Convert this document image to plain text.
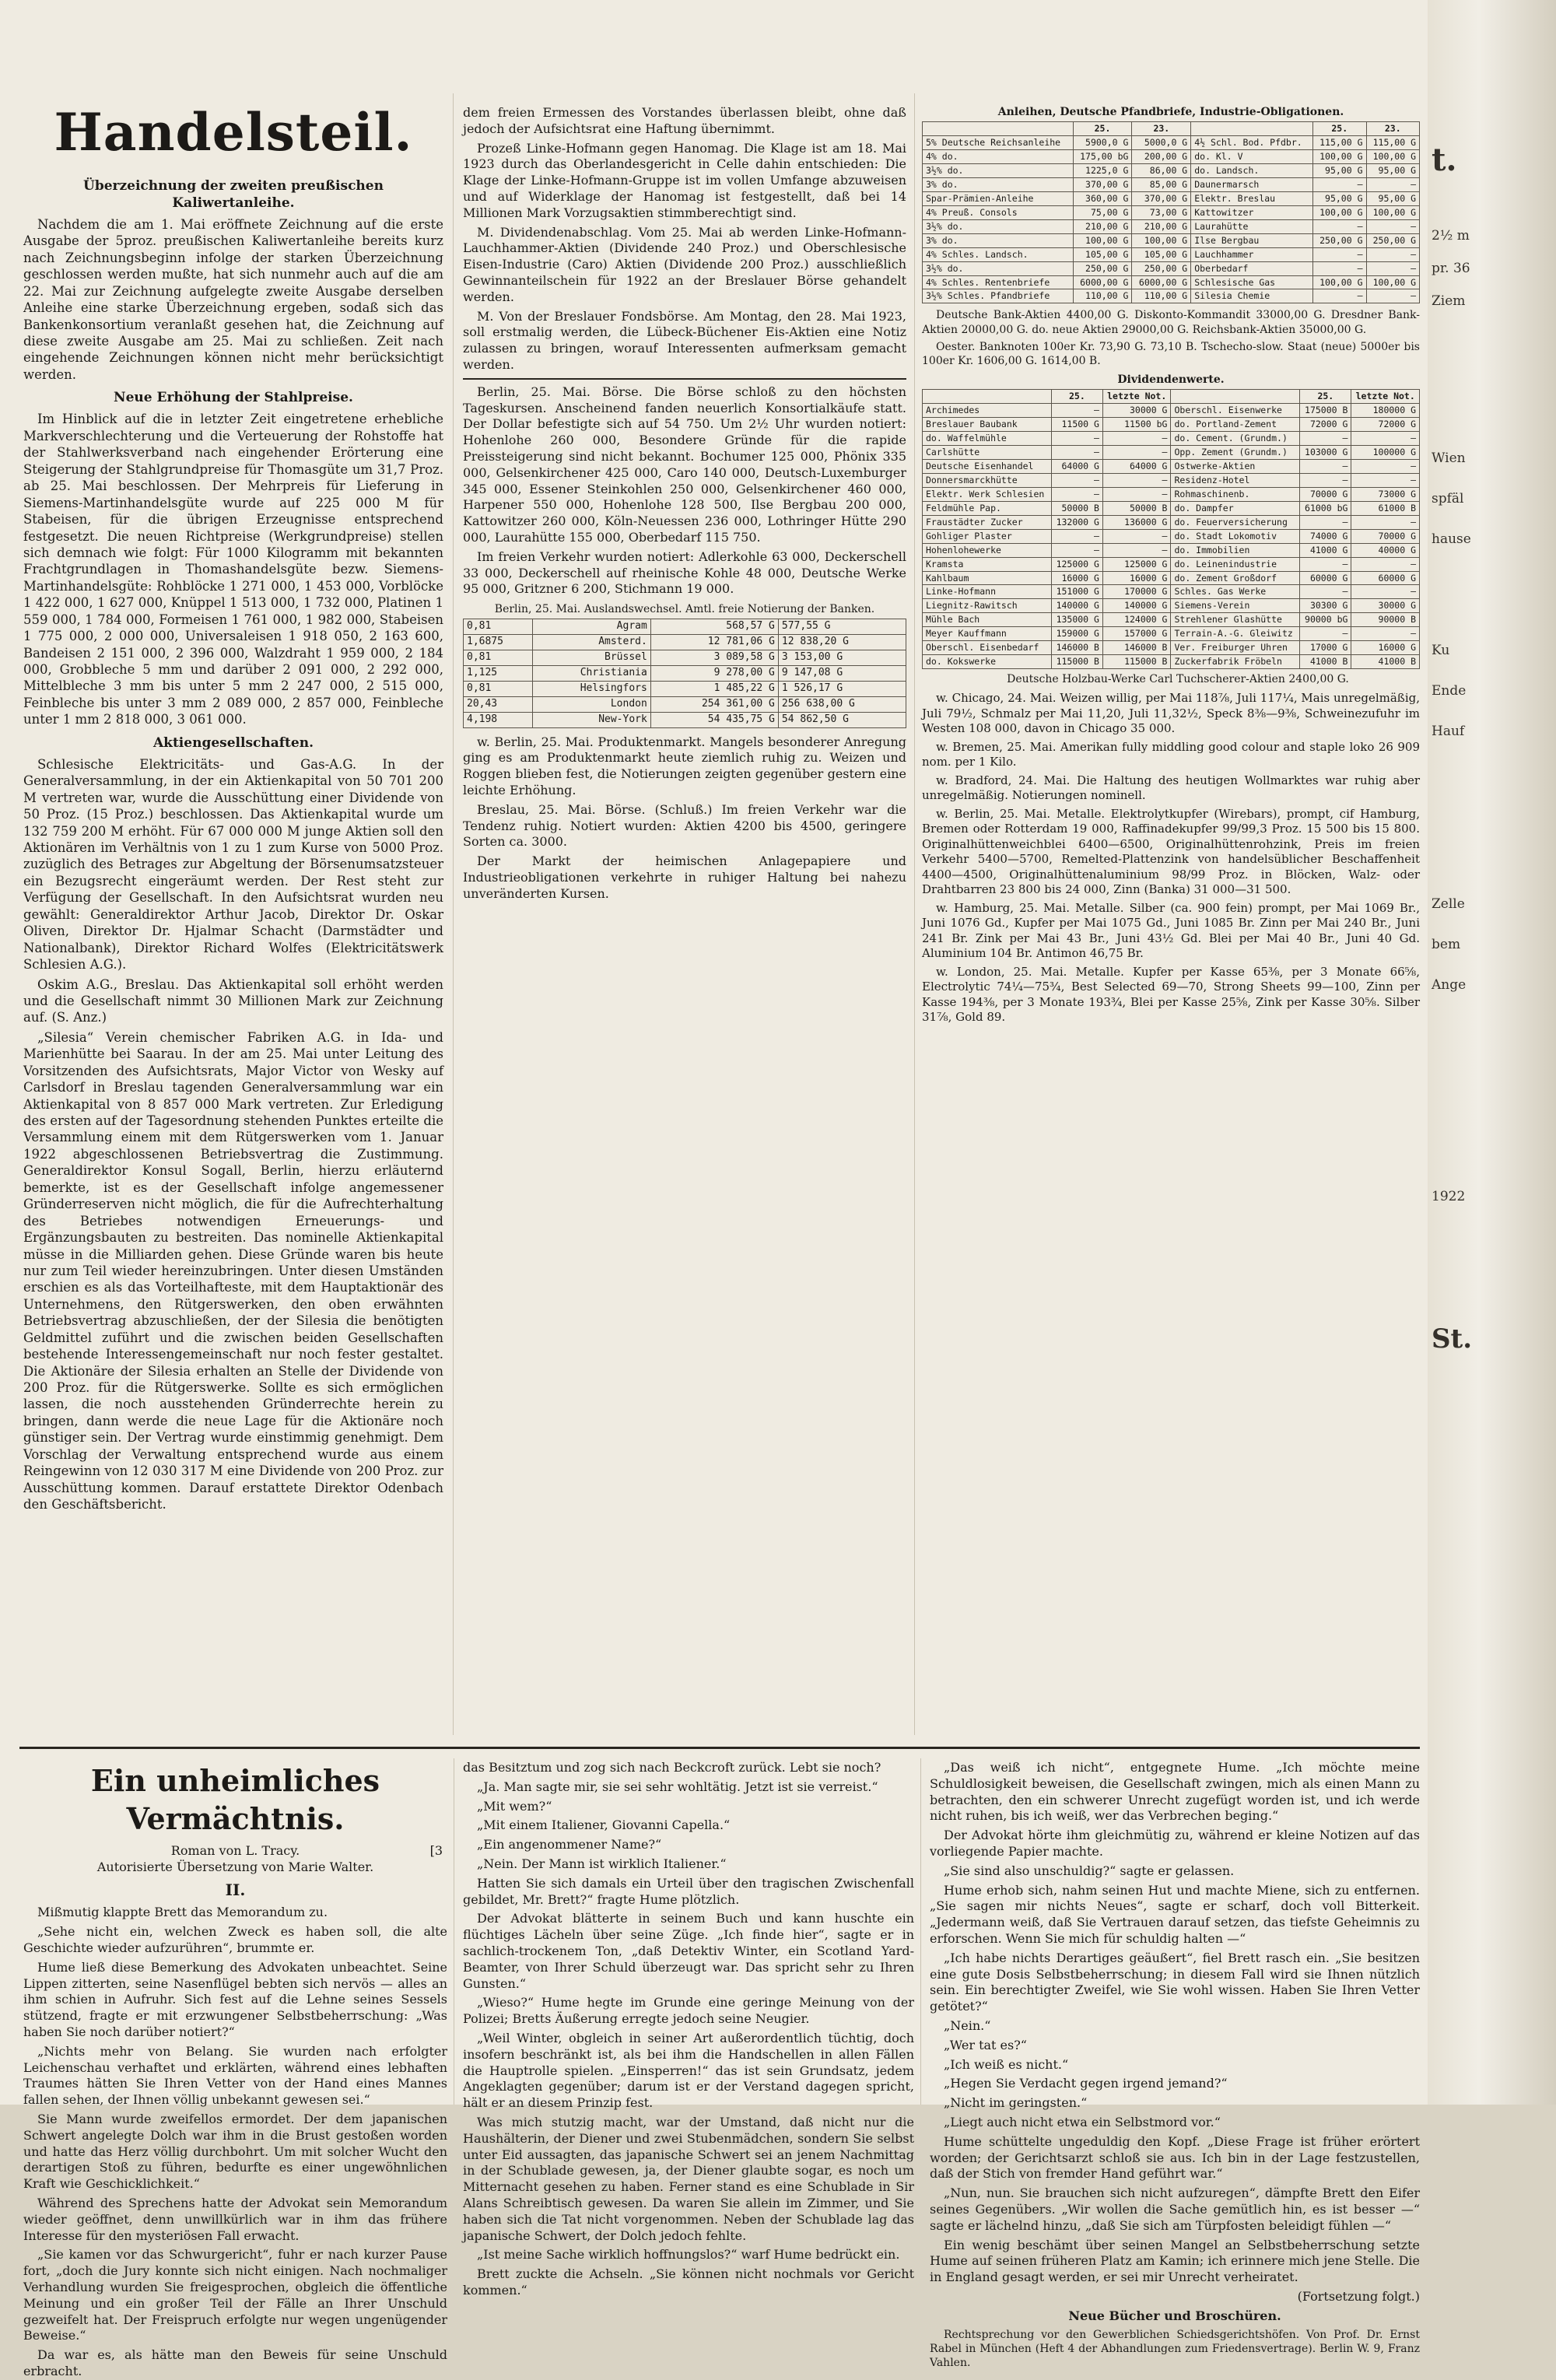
Handelsteil.
Überzeichnung der zweiten preußischen Kaliwertanleihe.

Nachdem die am 1. Mai eröffnete Zeichnung auf die erste Ausgabe der 5proz. preußischen Kaliwertanleihe bereits kurz nach Zeichnungsbeginn infolge der starken Überzeichnung geschlossen werden mußte, hat sich nunmehr auch auf die am 22. Mai zur Zeichnung aufgelegte zweite Ausgabe derselben Anleihe eine starke Überzeichnung ergeben, sodaß sich das Bankenkonsortium veranlaßt gesehen hat, die Zeichnung auf diese zweite Ausgabe am 25. Mai zu schließen. Zeit nach eingehende Zeichnungen können nicht mehr berücksichtigt werden.

Neue Erhöhung der Stahlpreise.

Im Hinblick auf die in letzter Zeit eingetretene erhebliche Markverschlechterung und die Verteuerung der Rohstoffe hat der Stahlwerksverband nach eingehender Erörterung eine Steigerung der Stahlgrundpreise für Thomasgüte um 31,7 Proz. ab 25. Mai beschlossen. Der Mehrpreis für Lieferung in Siemens-Martinhandelsgüte wurde auf 225 000 M für Stabeisen, für die übrigen Erzeugnisse entsprechend festgesetzt. Die neuen Richtpreise (Werkgrundpreise) stellen sich demnach wie folgt: Für 1000 Kilogramm mit bekannten Frachtgrundlagen in Thomashandelsgüte bezw. Siemens-Martinhandelsgüte: Rohblöcke 1 271 000, 1 453 000, Vorblöcke 1 422 000, 1 627 000, Knüppel 1 513 000, 1 732 000, Platinen 1 559 000, 1 784 000, Formeisen 1 761 000, 1 982 000, Stabeisen 1 775 000, 2 000 000, Universaleisen 1 918 050, 2 163 600, Bandeisen 2 151 000, 2 396 000, Walzdraht 1 959 000, 2 184 000, Grobbleche 5 mm und darüber 2 091 000, 2 292 000, Mittelbleche 3 mm bis unter 5 mm 2 247 000, 2 515 000, Feinbleche bis unter 3 mm 2 089 000, 2 857 000, Feinbleche unter 1 mm 2 818 000, 3 061 000.

Aktiengesellschaften.

Schlesische Elektricitäts- und Gas-A.G. In der Generalversammlung, in der ein Aktienkapital von 50 701 200 M vertreten war, wurde die Ausschüttung einer Dividende von 50 Proz. (15 Proz.) beschlossen. Das Aktienkapital wurde um 132 759 200 M erhöht. Für 67 000 000 M junge Aktien soll den Aktionären im Verhältnis von 1 zu 1 zum Kurse von 5000 Proz. zuzüglich des Betrages zur Abgeltung der Börsenumsatzsteuer ein Bezugsrecht eingeräumt werden. Der Rest steht zur Verfügung der Gesellschaft. In den Aufsichtsrat wurden neu gewählt: Generaldirektor Arthur Jacob, Direktor Dr. Oskar Oliven, Direktor Dr. Hjalmar Schacht (Darmstädter und Nationalbank), Direktor Richard Wolfes (Elektricitätswerk Schlesien A.G.).

Oskim A.G., Breslau. Das Aktienkapital soll erhöht werden und die Gesellschaft nimmt 30 Millionen Mark zur Zeichnung auf. (S. Anz.)

„Silesia“ Verein chemischer Fabriken A.G. in Ida- und Marienhütte bei Saarau. In der am 25. Mai unter Leitung des Vorsitzenden des Aufsichtsrats, Major Victor von Wesky auf Carlsdorf in Breslau tagenden Generalversammlung war ein Aktienkapital von 8 857 000 Mark vertreten. Zur Erledigung des ersten auf der Tagesordnung stehenden Punktes erteilte die Versammlung einem mit dem Rütgerswerken vom 1. Januar 1922 abgeschlossenen Betriebsvertrag die Zustimmung. Generaldirektor Konsul Sogall, Berlin, hierzu erläuternd bemerkte, ist es der Gesellschaft infolge angemessener Gründerreserven nicht möglich, die für die Aufrechterhaltung des Betriebes notwendigen Erneuerungs- und Ergänzungsbauten zu bestreiten. Das nominelle Aktienkapital müsse in die Milliarden gehen. Diese Gründe waren bis heute nur zum Teil wieder hereinzubringen. Unter diesen Umständen erschien es als das Vorteilhafteste, mit dem Hauptaktionär des Unternehmens, den Rütgerswerken, den oben erwähnten Betriebsvertrag abzuschließen, der der Silesia die benötigten Geldmittel zuführt und die zwischen beiden Gesellschaften bestehende Interessengemeinschaft nur noch fester gestaltet. Die Aktionäre der Silesia erhalten an Stelle der Dividende von 200 Proz. für die Rütgerswerke. Sollte es sich ermöglichen lassen, die noch ausstehenden Gründerrechte herein zu bringen, dann werde die neue Lage für die Aktionäre noch günstiger sein. Der Vertrag wurde einstimmig genehmigt. Dem Vorschlag der Verwaltung entsprechend wurde aus einem Reingewinn von 12 030 317 M eine Dividende von 200 Proz. zur Ausschüttung kommen. Darauf erstattete Direktor Odenbach den Geschäftsbericht.

dem freien Ermessen des Vorstandes überlassen bleibt, ohne daß jedoch der Aufsichtsrat eine Haftung übernimmt.

Prozeß Linke-Hofmann gegen Hanomag. Die Klage ist am 18. Mai 1923 durch das Oberlandesgericht in Celle dahin entschieden: Die Klage der Linke-Hofmann-Gruppe ist im vollen Umfange abzuweisen und auf Widerklage der Hanomag ist festgestellt, daß bei 14 Millionen Mark Vorzugsaktien stimmberechtigt sind.

M. Dividendenabschlag. Vom 25. Mai ab werden Linke-Hofmann-Lauchhammer-Aktien (Dividende 240 Proz.) und Oberschlesische Eisen-Industrie (Caro) Aktien (Dividende 200 Proz.) ausschließlich Gewinnanteilschein für 1922 an der Breslauer Börse gehandelt werden.

M. Von der Breslauer Fondsbörse. Am Montag, den 28. Mai 1923, soll erstmalig werden, die Lübeck-Büchener Eis-Aktien eine Notiz zulassen zu bringen, worauf Interessenten aufmerksam gemacht werden.

Berlin, 25. Mai. Börse. Die Börse schloß zu den höchsten Tageskursen. Anscheinend fanden neuerlich Konsortialkäufe statt. Der Dollar befestigte sich auf 54 750. Um 2½ Uhr wurden notiert: Hohenlohe 260 000, Besondere Gründe für die rapide Preissteigerung sind nicht bekannt. Bochumer 125 000, Phönix 335 000, Gelsenkirchener 425 000, Caro 140 000, Deutsch-Luxemburger 345 000, Essener Steinkohlen 250 000, Gelsenkirchener 460 000, Harpener 550 000, Hohenlohe 128 500, Ilse Bergbau 200 000, Kattowitzer 260 000, Köln-Neuessen 236 000, Lothringer Hütte 290 000, Laurahütte 155 000, Oberbedarf 115 750.

Im freien Verkehr wurden notiert: Adlerkohle 63 000, Deckerschell 33 000, Deckerschell auf rheinische Kohle 48 000, Deutsche Werke 95 000, Gritzner 6 200, Stichmann 19 000.

Berlin, 25. Mai. Auslandswechsel. Amtl. freie Notierung der Banken.
0,81	Agram	568,57 G	577,55 G
1,6875	Amsterd.	12 781,06 G	12 838,20 G
0,81	Brüssel	3 089,58 G	3 153,00 G
1,125	Christiania	9 278,00 G	9 147,08 G
0,81	Helsingfors	1 485,22 G	1 526,17 G
20,43	London	254 361,00 G	256 638,00 G
4,198	New-York	54 435,75 G	54 862,50 G

w. Berlin, 25. Mai. Produktenmarkt. Mangels besonderer Anregung ging es am Produktenmarkt heute ziemlich ruhig zu. Weizen und Roggen blieben fest, die Notierungen zeigten gegenüber gestern eine leichte Erhöhung.

Breslau, 25. Mai. Börse. (Schluß.) Im freien Verkehr war die Tendenz ruhig. Notiert wurden: Aktien 4200 bis 4500, geringere Sorten ca. 3000.

Der Markt der heimischen Anlagepapiere und Industrieobligationen verkehrte in ruhiger Haltung bei nahezu unveränderten Kursen.

Anleihen, Deutsche Pfandbriefe, Industrie-Obligationen.
	25.	23.		25.	23.
5% Deutsche Reichsanleihe	5900,0 G	5000,0 G	4½ Schl. Bod. Pfdbr.	115,00 G	115,00 G
4% do.	175,00 bG	200,00 G	do. Kl. V	100,00 G	100,00 G
3½% do.	1225,0 G	86,00 G	do. Landsch.	95,00 G	95,00 G
3% do.	370,00 G	85,00 G	Daunermarsch	—	—
Spar-Prämien-Anleihe	360,00 G	370,00 G	Elektr. Breslau	95,00 G	95,00 G
4% Preuß. Consols	75,00 G	73,00 G	Kattowitzer	100,00 G	100,00 G
3½% do.	210,00 G	210,00 G	Laurahütte	—	—
3% do.	100,00 G	100,00 G	Ilse Bergbau	250,00 G	250,00 G
4% Schles. Landsch.	105,00 G	105,00 G	Lauchhammer	—	—
3½% do.	250,00 G	250,00 G	Oberbedarf	—	—
4% Schles. Rentenbriefe	6000,00 G	6000,00 G	Schlesische Gas	100,00 G	100,00 G
3½% Schles. Pfandbriefe	110,00 G	110,00 G	Silesia Chemie	—	—

Deutsche Bank-Aktien 4400,00 G. Diskonto-Kommandit 33000,00 G. Dresdner Bank-Aktien 20000,00 G. do. neue Aktien 29000,00 G. Reichsbank-Aktien 35000,00 G.

Oester. Banknoten 100er Kr. 73,90 G. 73,10 B. Tschecho-slow. Staat (neue) 5000er bis 100er Kr. 1606,00 G. 1614,00 B.

Dividendenwerte.
	25.	letzte Not.		25.	letzte Not.
Archimedes	—	30000 G	Oberschl. Eisenwerke	175000 B	180000 G
Breslauer Baubank	11500 G	11500 bG	do. Portland-Zement	72000 G	72000 G
do. Waffelmühle	—	—	do. Cement. (Grundm.)	—	—
Carlshütte	—	—	Opp. Zement (Grundm.)	103000 G	100000 G
Deutsche Eisenhandel	64000 G	64000 G	Ostwerke-Aktien	—	—
Donnersmarckhütte	—	—	Residenz-Hotel	—	—
Elektr. Werk Schlesien	—	—	Rohmaschinenb.	70000 G	73000 G
Feldmühle Pap.	50000 B	50000 B	do. Dampfer	61000 bG	61000 B
Fraustädter Zucker	132000 G	136000 G	do. Feuerversicherung	—	—
Gohliger Plaster	—	—	do. Stadt Lokomotiv	74000 G	70000 G
Hohenlohewerke	—	—	do. Immobilien	41000 G	40000 G
Kramsta	125000 G	125000 G	do. Leinenindustrie	—	—
Kahlbaum	16000 G	16000 G	do. Zement Großdorf	60000 G	60000 G
Linke-Hofmann	151000 G	170000 G	Schles. Gas Werke	—	—
Liegnitz-Rawitsch	140000 G	140000 G	Siemens-Verein	30300 G	30000 G
Mühle Bach	135000 G	124000 G	Strehlener Glashütte	90000 bG	90000 B
Meyer Kauffmann	159000 G	157000 G	Terrain-A.-G. Gleiwitz	—	—
Oberschl. Eisenbedarf	146000 B	146000 B	Ver. Freiburger Uhren	17000 G	16000 G
do. Kokswerke	115000 B	115000 B	Zuckerfabrik Fröbeln	41000 B	41000 B

Deutsche Holzbau-Werke Carl Tuchscherer-Aktien 2400,00 G.

w. Chicago, 24. Mai. Weizen willig, per Mai 118⅞, Juli 117¼, Mais unregelmäßig, Juli 79½, Schmalz per Mai 11,20, Juli 11,32½, Speck 8⅜—9⅜, Schweinezufuhr im Westen 108 000, davon in Chicago 35 000.

w. Bremen, 25. Mai. Amerikan fully middling good colour and staple loko 26 909 nom. per 1 Kilo.

w. Bradford, 24. Mai. Die Haltung des heutigen Wollmarktes war ruhig aber unregelmäßig. Notierungen nominell.

w. Berlin, 25. Mai. Metalle. Elektrolytkupfer (Wirebars), prompt, cif Hamburg, Bremen oder Rotterdam 19 000, Raffinadekupfer 99/99,3 Proz. 15 500 bis 15 800. Originalhüttenweichblei 6400—6500, Originalhüttenrohzink, Preis im freien Verkehr 5400—5700, Remelted-Plattenzink von handelsüblicher Beschaffenheit 4400—4500, Originalhüttenaluminium 98/99 Proz. in Blöcken, Walz- oder Drahtbarren 23 800 bis 24 000, Zinn (Banka) 31 000—31 500.

w. Hamburg, 25. Mai. Metalle. Silber (ca. 900 fein) prompt, per Mai 1069 Br., Juni 1076 Gd., Kupfer per Mai 1075 Gd., Juni 1085 Br. Zinn per Mai 240 Br., Juni 241 Br. Zink per Mai 43 Br., Juni 43½ Gd. Blei per Mai 40 Br., Juni 40 Gd. Aluminium 104 Br. Antimon 46,75 Br.

w. London, 25. Mai. Metalle. Kupfer per Kasse 65⅜, per 3 Monate 66⅝, Electrolytic 74¼—75¾, Best Selected 69—70, Strong Sheets 99—100, Zinn per Kasse 194⅜, per 3 Monate 193¾, Blei per Kasse 25⅝, Zink per Kasse 30⅝. Silber 31⅞, Gold 89.

Ein unheimliches Vermächtnis.
Roman von L. Tracy.	[3
Autorisierte Übersetzung von Marie Walter.
II.

Mißmutig klappte Brett das Memorandum zu.

„Sehe nicht ein, welchen Zweck es haben soll, die alte Geschichte wieder aufzurühren“, brummte er.

Hume ließ diese Bemerkung des Advokaten unbeachtet. Seine Lippen zitterten, seine Nasenflügel bebten sich nervös — alles an ihm schien in Aufruhr. Sich fest auf die Lehne seines Sessels stützend, fragte er mit erzwungener Selbstbeherrschung: „Was haben Sie noch darüber notiert?“

„Nichts mehr von Belang. Sie wurden nach erfolgter Leichenschau verhaftet und erklärten, während eines lebhaften Traumes hätten Sie Ihren Vetter von der Hand eines Mannes fallen sehen, der Ihnen völlig unbekannt gewesen sei.“

Sie Mann wurde zweifellos ermordet. Der dem japanischen Schwert angelegte Dolch war ihm in die Brust gestoßen worden und hatte das Herz völlig durchbohrt. Um mit solcher Wucht den derartigen Stoß zu führen, bedurfte es einer ungewöhnlichen Kraft wie Geschicklichkeit.“

Während des Sprechens hatte der Advokat sein Memorandum wieder geöffnet, denn unwillkürlich war in ihm das frühere Interesse für den mysteriösen Fall erwacht.

„Sie kamen vor das Schwurgericht“, fuhr er nach kurzer Pause fort, „doch die Jury konnte sich nicht einigen. Nach nochmaliger Verhandlung wurden Sie freigesprochen, obgleich die öffentliche Meinung und ein großer Teil der Fälle an Ihrer Unschuld gezweifelt hat. Der Freispruch erfolgte nur wegen ungenügender Beweise.“

Da war es, als hätte man den Beweis für seine Unschuld erbracht.

das Besitztum und zog sich nach Beckcroft zurück. Lebt sie noch?

„Ja. Man sagte mir, sie sei sehr wohltätig. Jetzt ist sie verreist.“

„Mit wem?“

„Mit einem Italiener, Giovanni Capella.“

„Ein angenommener Name?“

„Nein. Der Mann ist wirklich Italiener.“

Hatten Sie sich damals ein Urteil über den tragischen Zwischenfall gebildet, Mr. Brett?“ fragte Hume plötzlich.

Der Advokat blätterte in seinem Buch und kann huschte ein flüchtiges Lächeln über seine Züge. „Ich finde hier“, sagte er in sachlich-trockenem Ton, „daß Detektiv Winter, ein Scotland Yard-Beamter, von Ihrer Schuld überzeugt war. Das spricht sehr zu Ihren Gunsten.“

„Wieso?“ Hume hegte im Grunde eine geringe Meinung von der Polizei; Bretts Äußerung erregte jedoch seine Neugier.

„Weil Winter, obgleich in seiner Art außerordentlich tüchtig, doch insofern beschränkt ist, als bei ihm die Handschellen in allen Fällen die Hauptrolle spielen. „Einsperren!“ das ist sein Grundsatz, jedem Angeklagten gegenüber; darum ist er der Verstand dagegen spricht, hält er an diesem Prinzip fest.

Was mich stutzig macht, war der Umstand, daß nicht nur die Haushälterin, der Diener und zwei Stubenmädchen, sondern Sie selbst unter Eid aussagten, das japanische Schwert sei an jenem Nachmittag in der Schublade gewesen, ja, der Diener glaubte sogar, es noch um Mitternacht gesehen zu haben. Ferner stand es eine Schublade in Sir Alans Schreibtisch gewesen. Da waren Sie allein im Zimmer, und Sie haben sich die Tat nicht vorgenommen. Neben der Schublade lag das japanische Schwert, der Dolch jedoch fehlte.

„Ist meine Sache wirklich hoffnungslos?“ warf Hume bedrückt ein.

Brett zuckte die Achseln. „Sie können nicht nochmals vor Gericht kommen.“

„Das weiß ich nicht“, entgegnete Hume. „Ich möchte meine Schuldlosigkeit beweisen, die Gesellschaft zwingen, mich als einen Mann zu betrachten, den ein schwerer Unrecht zugefügt worden ist, und ich werde nicht ruhen, bis ich weiß, wer das Verbrechen beging.“

Der Advokat hörte ihm gleichmütig zu, während er kleine Notizen auf das vorliegende Papier machte.

„Sie sind also unschuldig?“ sagte er gelassen.

Hume erhob sich, nahm seinen Hut und machte Miene, sich zu entfernen. „Sie sagen mir nichts Neues“, sagte er scharf, doch voll Bitterkeit. „Jedermann weiß, daß Sie Vertrauen darauf setzen, das tiefste Geheimnis zu erforschen. Wenn Sie mich für schuldig halten —“

„Ich habe nichts Derartiges geäußert“, fiel Brett rasch ein. „Sie besitzen eine gute Dosis Selbstbeherrschung; in diesem Fall wird sie Ihnen nützlich sein. Ein berechtigter Zweifel, wie Sie wohl wissen. Haben Sie Ihren Vetter getötet?“

„Nein.“

„Wer tat es?“

„Ich weiß es nicht.“

„Hegen Sie Verdacht gegen irgend jemand?“

„Nicht im geringsten.“

„Liegt auch nicht etwa ein Selbstmord vor.“

Hume schüttelte ungeduldig den Kopf. „Diese Frage ist früher erörtert worden; der Gerichtsarzt schloß sie aus. Ich bin in der Lage festzustellen, daß der Stich von fremder Hand geführt war.“

„Nun, nun. Sie brauchen sich nicht aufzuregen“, dämpfte Brett den Eifer seines Gegenübers. „Wir wollen die Sache gemütlich hin, es ist besser —“ sagte er lächelnd hinzu, „daß Sie sich am Türpfosten beleidigt fühlen —“

Ein wenig beschämt über seinen Mangel an Selbstbeherrschung setzte Hume auf seinen früheren Platz am Kamin; ich erinnere mich jene Stelle. Die in England gesagt werden, er sei mir Unrecht verheiratet.

(Fortsetzung folgt.)

Neue Bücher und Broschüren.

Rechtsprechung vor den Gewerblichen Schiedsgerichtshöfen. Von Prof. Dr. Ernst Rabel in München (Heft 4 der Abhandlungen zum Friedensvertrage). Berlin W. 9, Franz Vahlen.

t.
2½ m
pr. 36
Ziem
Wien
spfäl
hause
Ku
Ende
Hauf
Zelle
bem
Ange
1922
St.
